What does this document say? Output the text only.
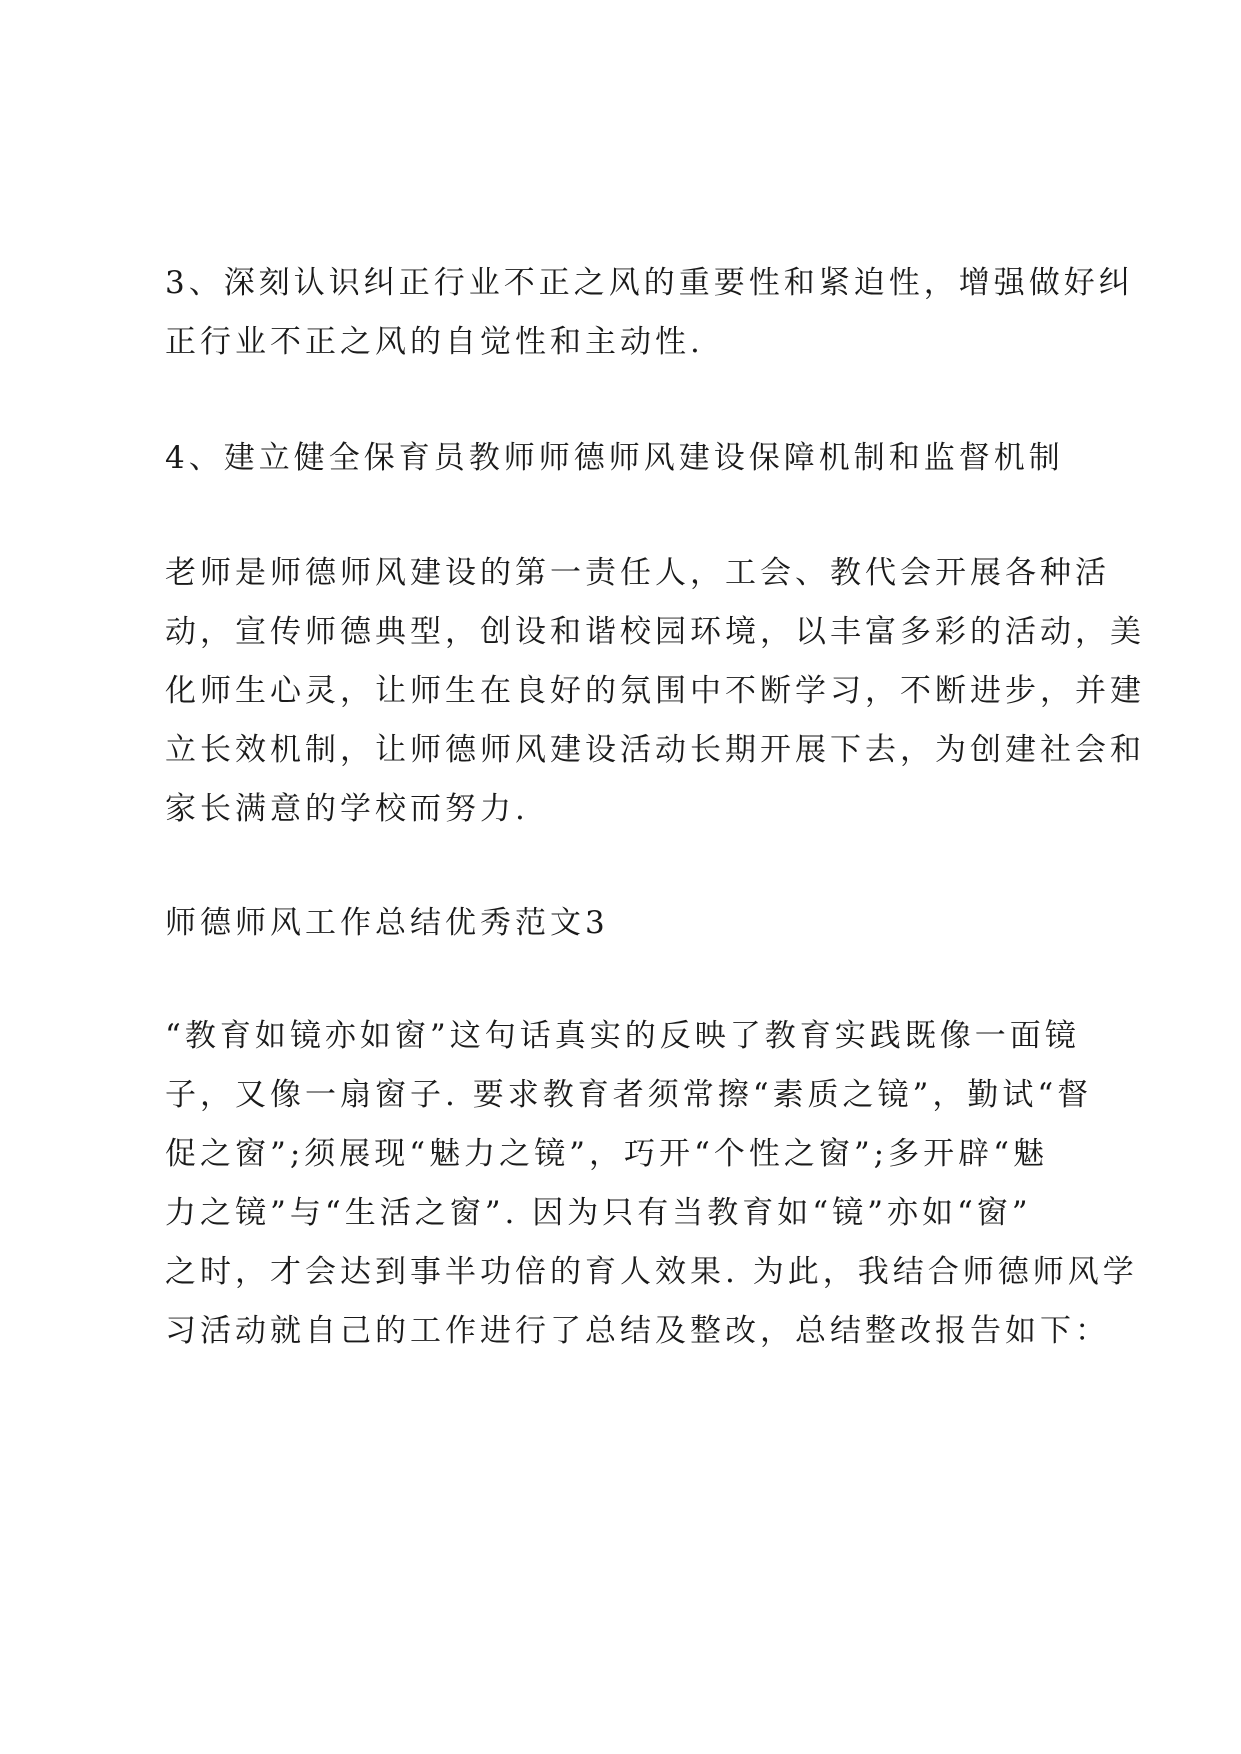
3、深刻认识纠正行业不正之风的重要性和紧迫性，增强做好纠
正行业不正之风的自觉性和主动性.
4、建立健全保育员教师师德师风建设保障机制和监督机制
老师是师德师风建设的第一责任人，工会、教代会开展各种活
动，宣传师德典型，创设和谐校园环境，以丰富多彩的活动，美
化师生心灵，让师生在良好的氛围中不断学习，不断进步，并建
立长效机制，让师德师风建设活动长期开展下去，为创建社会和
家长满意的学校而努力.
师德师风工作总结优秀范文3
“教育如镜亦如窗”这句话真实的反映了教育实践既像一面镜
子，又像一扇窗子. 要求教育者须常擦“素质之镜”，勤试“督
促之窗”;须展现“魅力之镜”，巧开“个性之窗”;多开辟“魅
力之镜”与“生活之窗”. 因为只有当教育如“镜”亦如“窗”
之时，才会达到事半功倍的育人效果. 为此，我结合师德师风学
习活动就自己的工作进行了总结及整改，总结整改报告如下：
